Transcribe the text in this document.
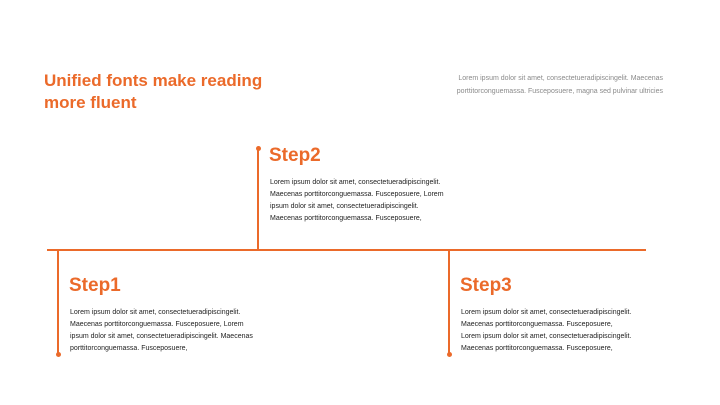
Unified fonts make reading
more fluent
Lorem ipsum dolor sit amet, consectetueradipiscingelit. Maecenas
porttitorconguemassa. Fusceposuere, magna sed pulvinar ultricies
Step2
Lorem ipsum dolor sit amet, consectetueradipiscingelit.
Maecenas porttitorconguemassa. Fusceposuere, Lorem
ipsum dolor sit amet, consectetueradipiscingelit.
Maecenas porttitorconguemassa. Fusceposuere,
Step1
Lorem ipsum dolor sit amet, consectetueradipiscingelit.
Maecenas porttitorconguemassa. Fusceposuere, Lorem
ipsum dolor sit amet, consectetueradipiscingelit. Maecenas
porttitorconguemassa. Fusceposuere,
Step3
Lorem ipsum dolor sit amet, consectetueradipiscingelit.
Maecenas porttitorconguemassa. Fusceposuere,
Lorem ipsum dolor sit amet, consectetueradipiscingelit.
Maecenas porttitorconguemassa. Fusceposuere,
